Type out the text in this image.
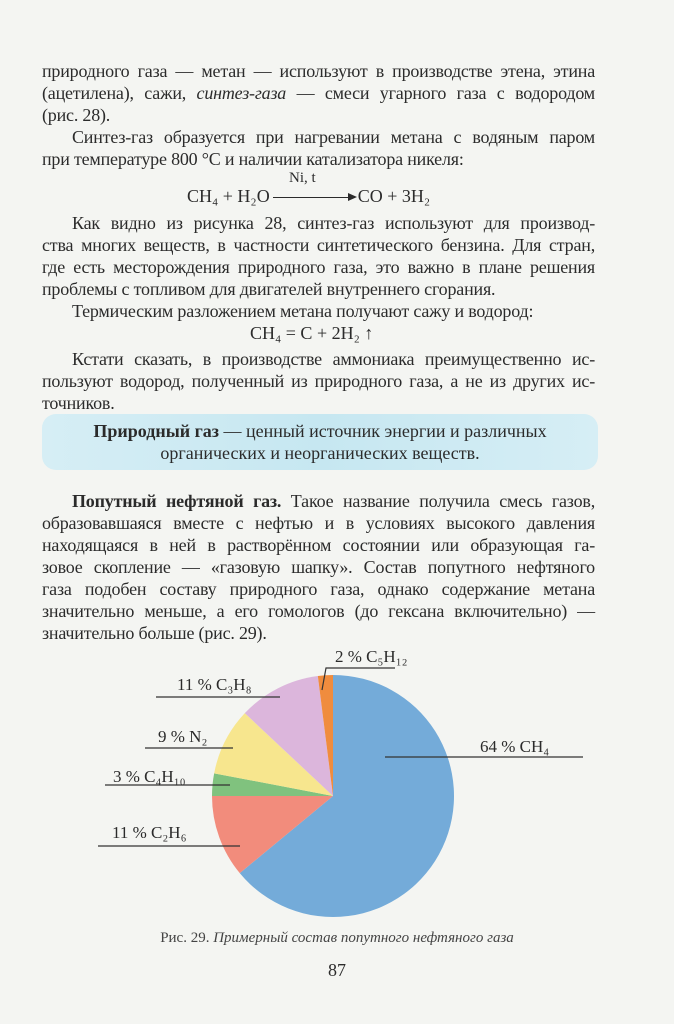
природного газа — метан — используют в производстве этена, этина
(ацетилена), сажи, синтез-газа — смеси угарного газа с водородом
(рис. 28).
Синтез-газ образуется при нагревании метана с водяным паром
при температуре 800 °С и наличии катализатора никеля:
Как видно из рисунка 28, синтез-газ используют для производ-
ства многих веществ, в частности синтетического бензина. Для стран,
где есть месторождения природного газа, это важно в плане решения
проблемы с топливом для двигателей внутреннего сгорания.
Термическим разложением метана получают сажу и водород:
Кстати сказать, в производстве аммониака преимущественно ис-
пользуют водород, полученный из природного газа, а не из других ис-
точников.
Попутный нефтяной газ. Такое название получила смесь газов,
образовавшаяся вместе с нефтью и в условиях высокого давления
находящаяся в ней в растворённом состоянии или образующая га-
зовое скопление — «газовую шапку». Состав попутного нефтяного
газа подобен составу природного газа, однако содержание метана
значительно меньше, а его гомологов (до гексана включительно) —
значительно больше (рис. 29).
CH₄ + H₂O	CO + 3H₂
Ni, t
CH₄ = C + 2H₂ ↑
Природный газ — ценный источник энергии и различных
органических и неорганических веществ.
64 % CH₄
11 % C₂H₆
3 % C₄H₁₀
9 % N₂
11 % C₃H₈
2 % C₅H₁₂
Рис. 29. Примерный состав попутного нефтяного газа
87
